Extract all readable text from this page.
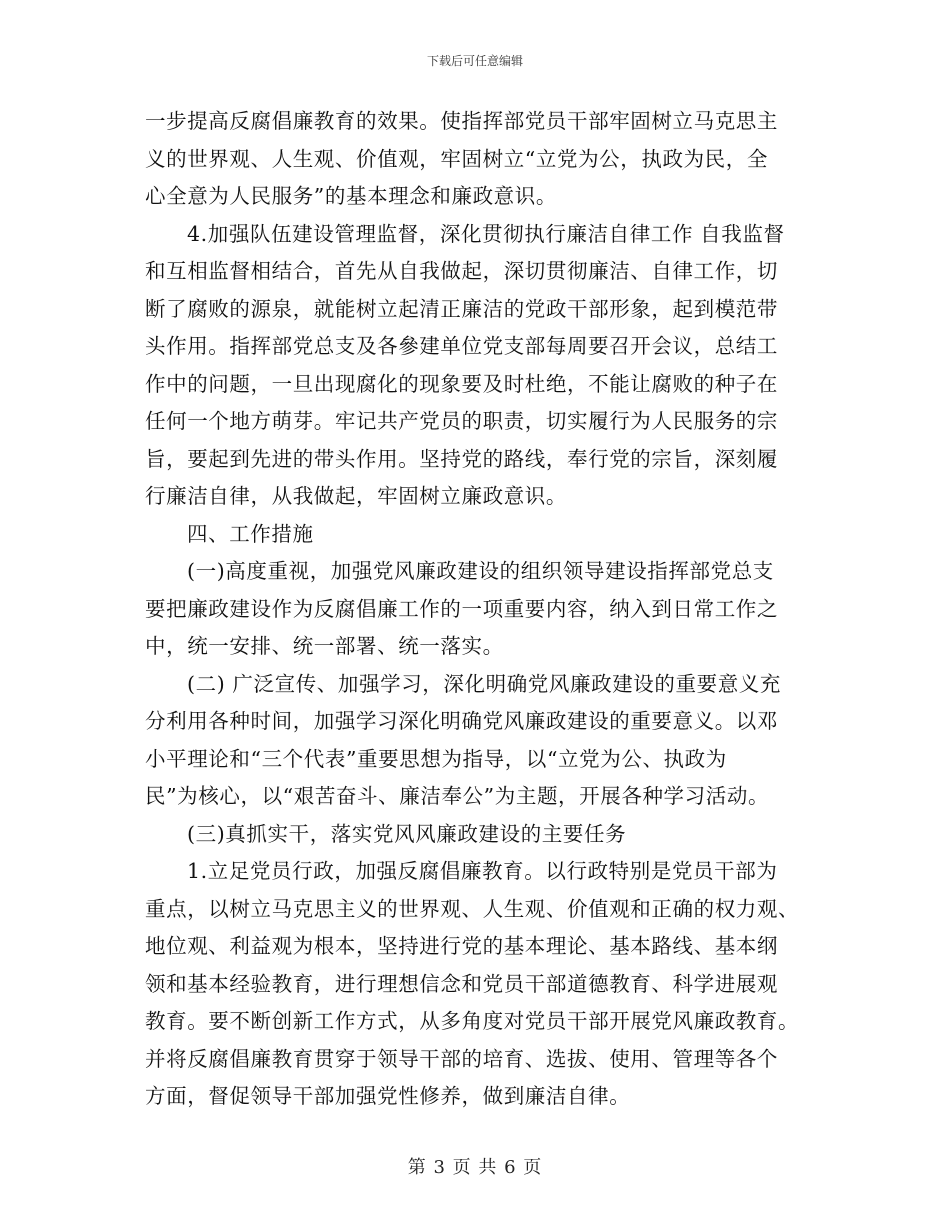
下载后可任意编辑
一步提高反腐倡廉教育的效果。使指挥部党员干部牢固树立马克思主
义的世界观、人生观、价值观，牢固树立“立党为公，执政为民，全
心全意为人民服务”的基本理念和廉政意识。
4.加强队伍建设管理监督，深化贯彻执行廉洁自律工作 自我监督
和互相监督相结合，首先从自我做起，深切贯彻廉洁、自律工作，切
断了腐败的源泉，就能树立起清正廉洁的党政干部形象，起到模范带
头作用。指挥部党总支及各參建单位党支部每周要召开会议，总结工
作中的问题，一旦出现腐化的现象要及时杜绝，不能让腐败的种子在
任何一个地方萌芽。牢记共产党员的职责，切实履行为人民服务的宗
旨，要起到先进的带头作用。坚持党的路线，奉行党的宗旨，深刻履
行廉洁自律，从我做起，牢固树立廉政意识。
四、工作措施
(一)高度重视，加强党风廉政建设的组织领导建设指挥部党总支
要把廉政建设作为反腐倡廉工作的一项重要内容，纳入到日常工作之
中，统一安排、统一部署、统一落实。
(二) 广泛宣传、加强学习，深化明确党风廉政建设的重要意义充
分利用各种时间，加强学习深化明确党风廉政建设的重要意义。以邓
小平理论和“三个代表”重要思想为指导，以“立党为公、执政为
民”为核心，以“艰苦奋斗、廉洁奉公”为主题，开展各种学习活动。
(三)真抓实干，落实党风风廉政建设的主要任务
1.立足党员行政，加强反腐倡廉教育。以行政特别是党员干部为
重点，以树立马克思主义的世界观、人生观、价值观和正确的权力观、
地位观、利益观为根本，坚持进行党的基本理论、基本路线、基本纲
领和基本经验教育，进行理想信念和党员干部道德教育、科学进展观
教育。要不断创新工作方式，从多角度对党员干部开展党风廉政教育。
并将反腐倡廉教育贯穿于领导干部的培育、选拔、使用、管理等各个
方面，督促领导干部加强党性修养，做到廉洁自律。
第 3 页 共 6 页
